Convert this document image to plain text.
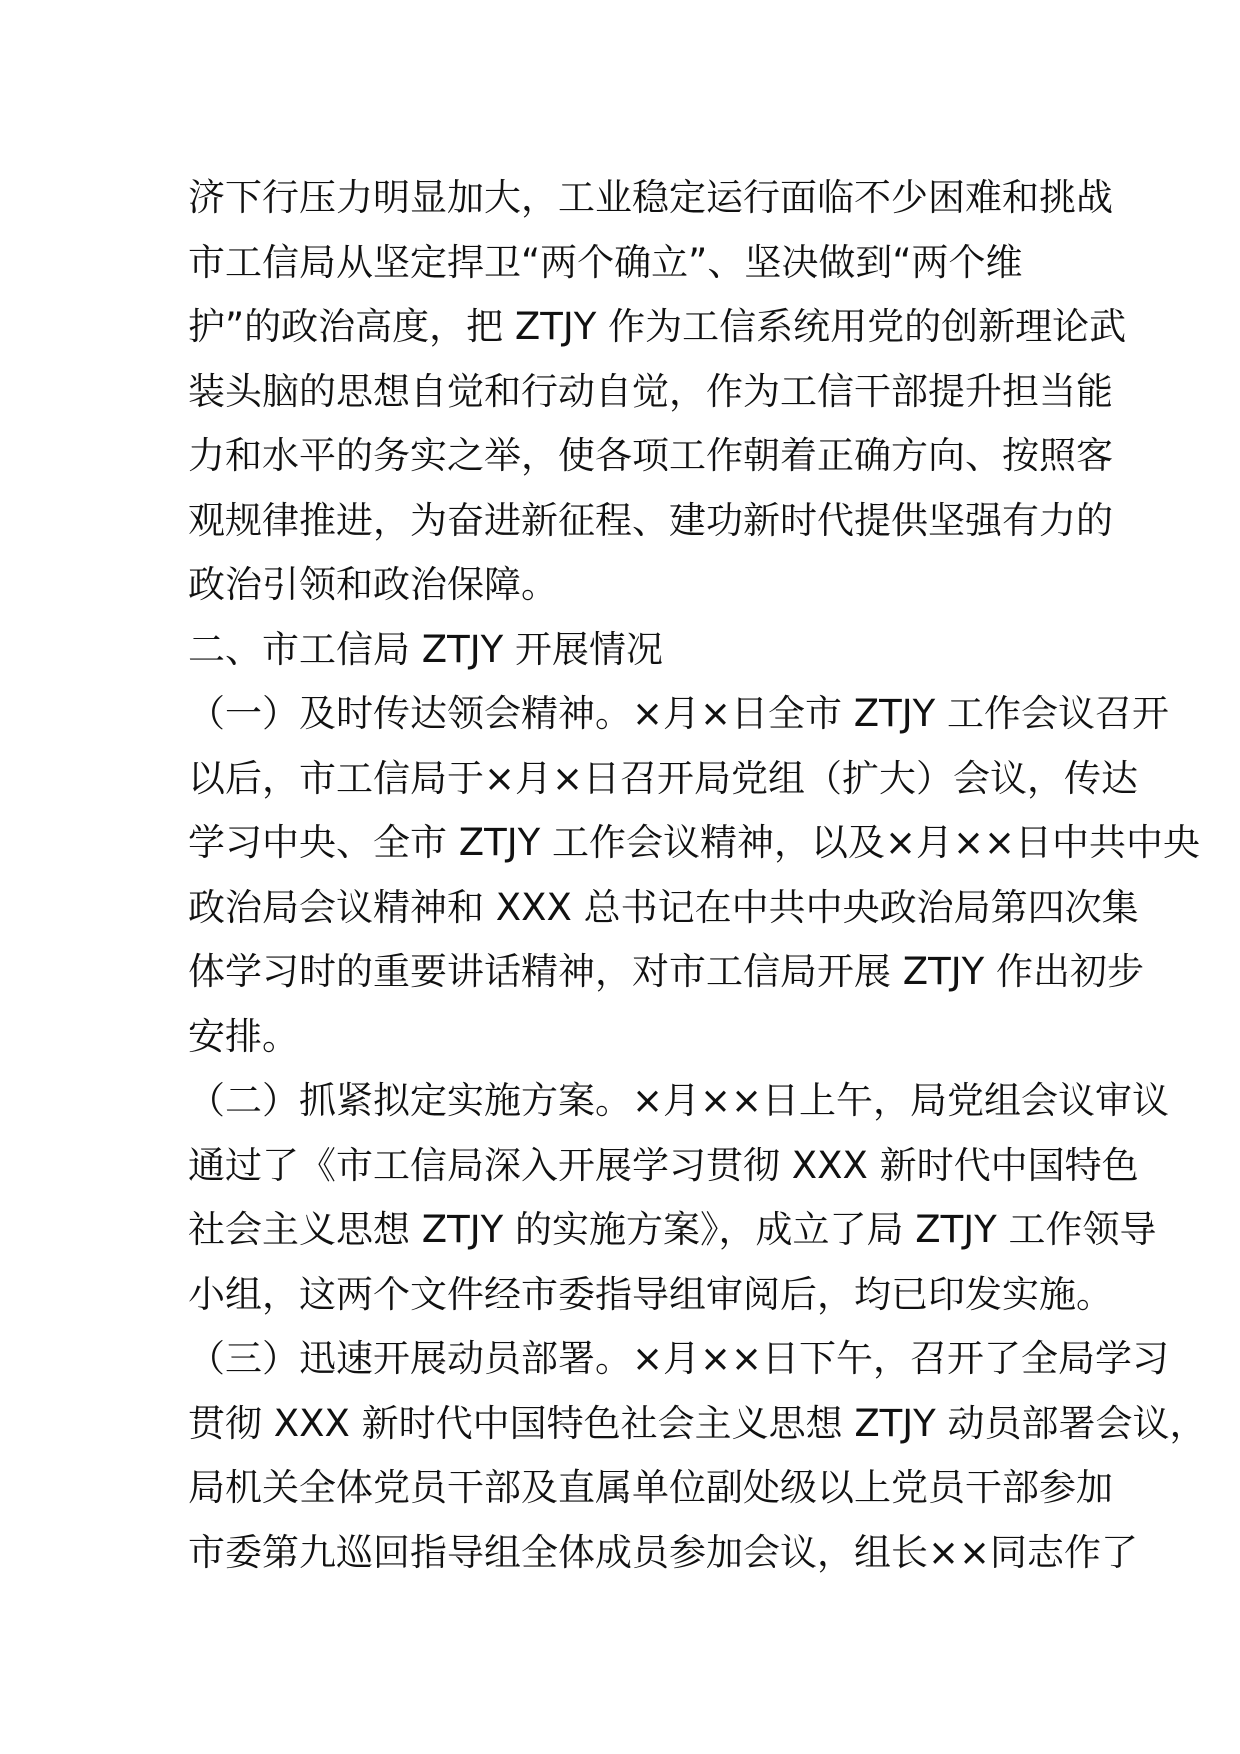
济下行压力明显加大，工业稳定运行面临不少困难和挑战
市工信局从坚定捍卫“两个确立”、坚决做到“两个维
护”的政治高度，把 ZTJY 作为工信系统用党的创新理论武
装头脑的思想自觉和行动自觉，作为工信干部提升担当能
力和水平的务实之举，使各项工作朝着正确方向、按照客
观规律推进，为奋进新征程、建功新时代提供坚强有力的
政治引领和政治保障。
二、市工信局 ZTJY 开展情况
（一）及时传达领会精神。×月×日全市 ZTJY 工作会议召开
以后，市工信局于×月×日召开局党组（扩大）会议，传达
学习中央、全市 ZTJY 工作会议精神，以及×月××日中共中央
政治局会议精神和 XXX 总书记在中共中央政治局第四次集
体学习时的重要讲话精神，对市工信局开展 ZTJY 作出初步
安排。
（二）抓紧拟定实施方案。×月××日上午，局党组会议审议
通过了《市工信局深入开展学习贯彻 XXX 新时代中国特色
社会主义思想 ZTJY 的实施方案》，成立了局 ZTJY 工作领导
小组，这两个文件经市委指导组审阅后，均已印发实施。
（三）迅速开展动员部署。×月××日下午，召开了全局学习
贯彻 XXX 新时代中国特色社会主义思想 ZTJY 动员部署会议，
局机关全体党员干部及直属单位副处级以上党员干部参加
市委第九巡回指导组全体成员参加会议，组长××同志作了
